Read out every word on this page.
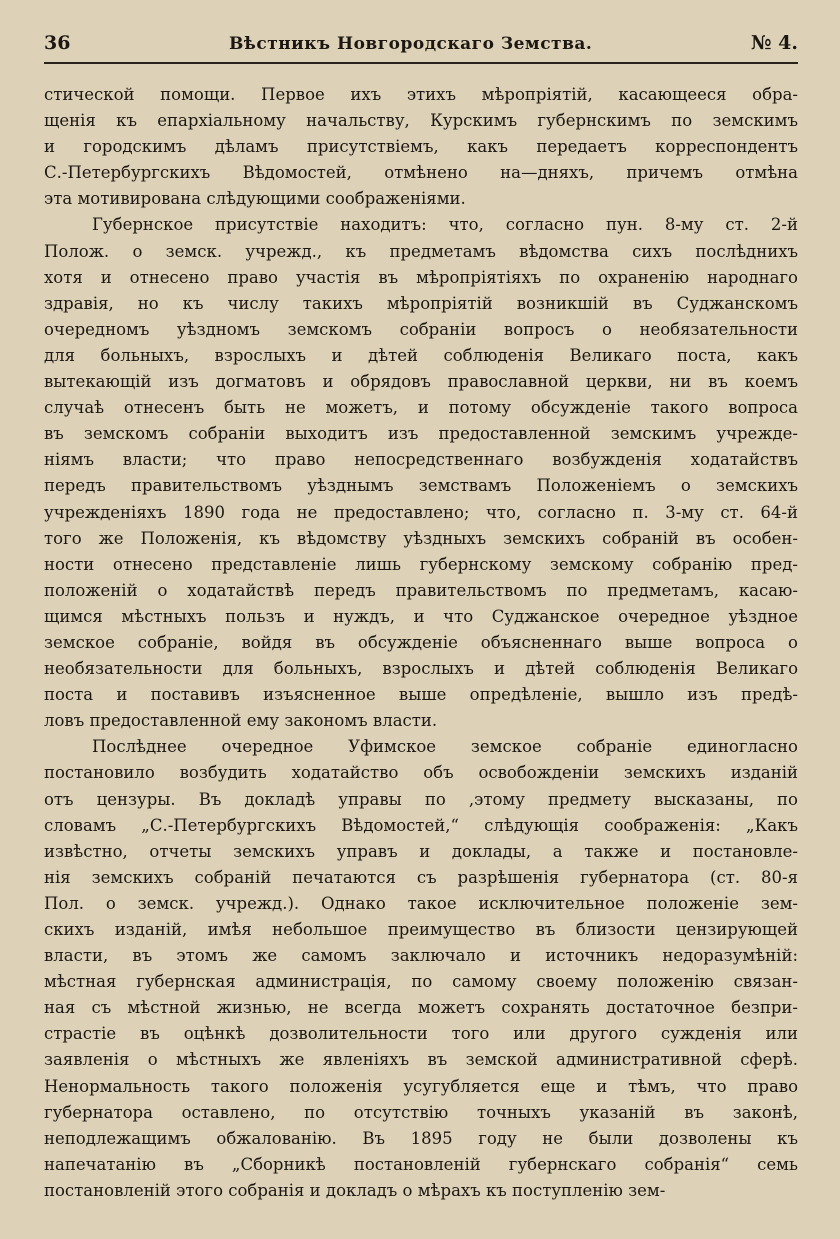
36	Вѣстникъ Новгородскаго Земства.	№ 4.
стической помощи. Первое ихъ этихъ мѣропріятій, касающееся обра-
щенія къ епархіальному начальству, Курскимъ губернскимъ по земскимъ
и городскимъ дѣламъ присутствіемъ, какъ передаетъ корреспондентъ
С.-Петербургскихъ Вѣдомостей, отмѣнено на—дняхъ, причемъ отмѣна
эта мотивирована слѣдующими соображеніями.
Губернское присутствіе находитъ: что, согласно пун. 8-му ст. 2-й
Полож. о земск. учрежд., къ предметамъ вѣдомства сихъ послѣднихъ
хотя и отнесено право участія въ мѣропріятіяхъ по охраненію народнаго
здравія, но къ числу такихъ мѣропріятій возникшій въ Суджанскомъ
очередномъ уѣздномъ земскомъ собраніи вопросъ о необязательности
для больныхъ, взрослыхъ и дѣтей соблюденія Великаго поста, какъ
вытекающій изъ догматовъ и обрядовъ православной церкви, ни въ коемъ
случаѣ отнесенъ быть не можетъ, и потому обсужденіе такого вопроса
въ земскомъ собраніи выходитъ изъ предоставленной земскимъ учрежде-
ніямъ власти; что право непосредственнаго возбужденія ходатайствъ
передъ правительствомъ уѣзднымъ земствамъ Положеніемъ о земскихъ
учрежденіяхъ 1890 года не предоставлено; что, согласно п. 3-му ст. 64-й
того же Положенія, къ вѣдомству уѣздныхъ земскихъ собраній въ особен-
ности отнесено представленіе лишь губернскому земскому собранію пред-
положеній о ходатайствѣ передъ правительствомъ по предметамъ, касаю-
щимся мѣстныхъ пользъ и нуждъ, и что Суджанское очередное уѣздное
земское собраніе, войдя въ обсужденіе объясненнаго выше вопроса о
необязательности для больныхъ, взрослыхъ и дѣтей соблюденія Великаго
поста и поставивъ изъясненное выше опредѣленіе, вышло изъ предѣ-
ловъ предоставленной ему закономъ власти.
Послѣднее очередное Уфимское земское собраніе единогласно
постановило возбудить ходатайство объ освобожденіи земскихъ изданій
отъ цензуры. Въ докладѣ управы по ,этому предмету высказаны, по
словамъ „С.-Петербургскихъ Вѣдомостей,“ слѣдующія соображенія: „Какъ
извѣстно, отчеты земскихъ управъ и доклады, а также и постановле-
нія земскихъ собраній печатаются съ разрѣшенія губернатора (ст. 80-я
Пол. о земск. учрежд.). Однако такое исключительное положеніе зем-
скихъ изданій, имѣя небольшое преимущество въ близости цензирующей
власти, въ этомъ же самомъ заключало и источникъ недоразумѣній:
мѣстная губернская администрація, по самому своему положенію связан-
ная съ мѣстной жизнью, не всегда можетъ сохранять достаточное безпри-
страстіе въ оцѣнкѣ дозволительности того или другого сужденія или
заявленія о мѣстныхъ же явленіяхъ въ земской административной сферѣ.
Ненормальность такого положенія усугубляется еще и тѣмъ, что право
губернатора оставлено, по отсутствію точныхъ указаній въ законѣ,
неподлежащимъ обжалованію. Въ 1895 году не были дозволены къ
напечатанію въ „Сборникѣ постановленій губернскаго собранія“ семь
постановленій этого собранія и докладъ о мѣрахъ къ поступленію зем-
